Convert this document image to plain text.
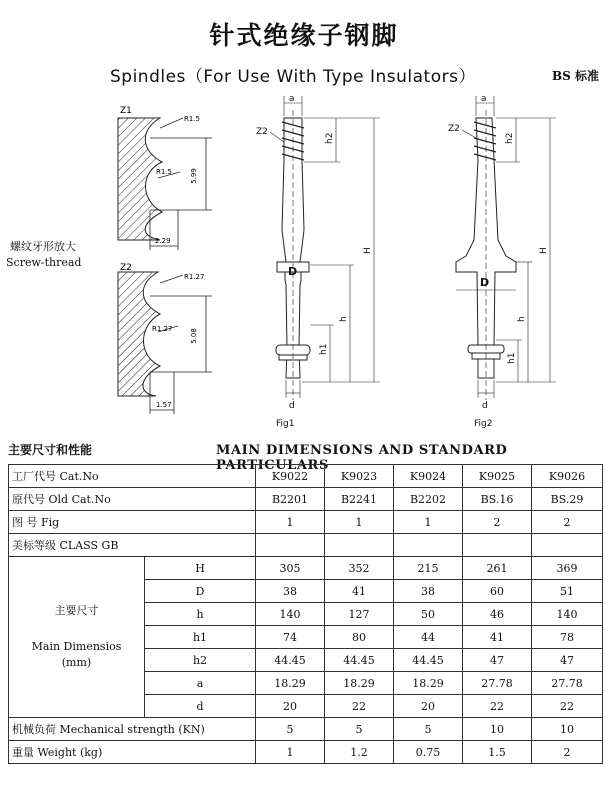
针式绝缘子钢脚
Spindles（For Use With Type Insulators）	BS 标准
Z1
R1.5
R1.5	5.99
2.29
Z2
R1.27
R1.27	5.08
1.57
a
h2
H
D
h
h1
d
Z2
Fig1
a
h2
H
D
h
h1
d
Z2
Fig2
螺纹牙形放大
Screw-thread
主要尺寸和性能	MAIN DIMENSIONS AND STANDARD PARTICULARS
工厂代号 Cat.No		K9022	K9023	K9024	K9025	K9026
原代号 Old Cat.No		B2201	B2241	B2202	BS.16	BS.29
图 号 Fig		1	1	1	2	2
美标等级 CLASS GB						

主要尺寸
Main Dimensios
(mm)	H	305	352	215	261	369
	D	38	41	38	60	51
	h	140	127	50	46	140
	h1	74	80	44	41	78
	h2	44.45	44.45	44.45	47	47
	a	18.29	18.29	18.29	27.78	27.78
	d	20	22	20	22	22
机械负荷 Mechanical strength (KN)		5	5	5	10	10
重量 Weight (kg)		1	1.2	0.75	1.5	2
